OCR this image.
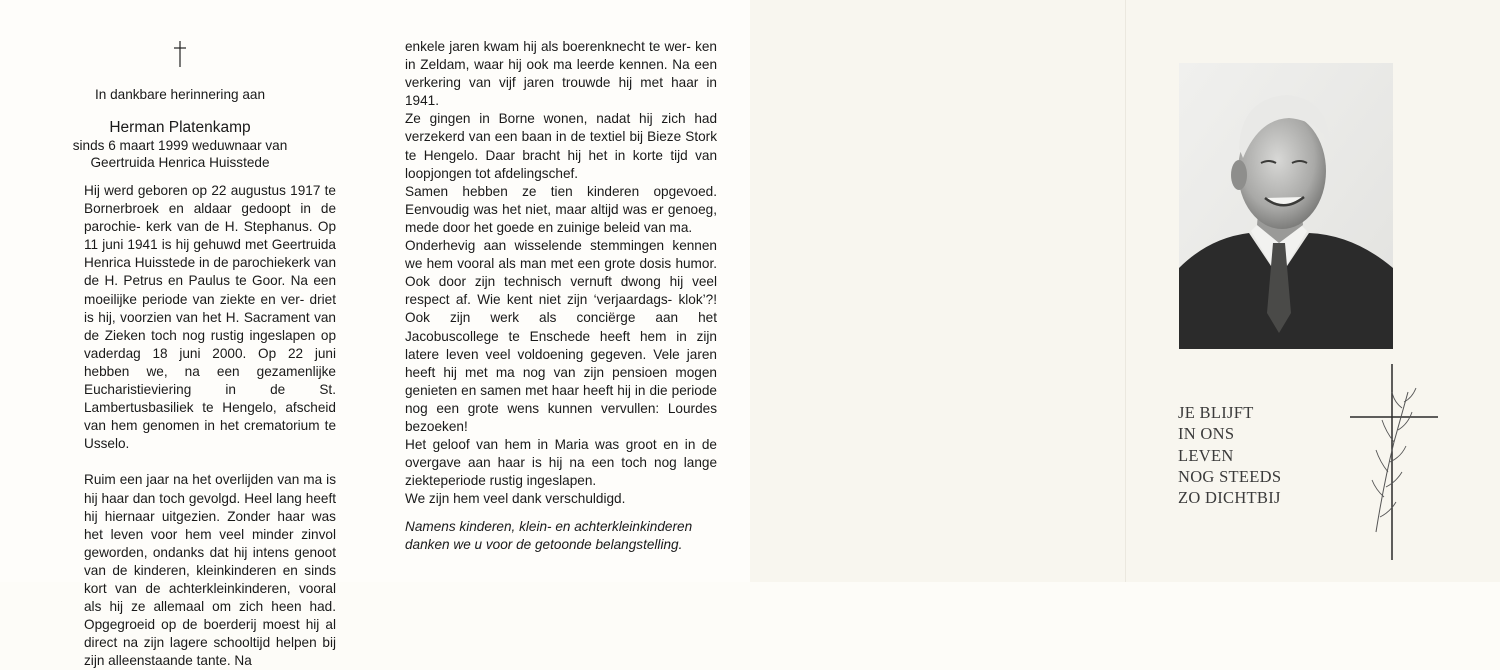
In dankbare herinnering aan
Herman Platenkamp
sinds 6 maart 1999 weduwnaar van
Geertruida Henrica Huisstede

Hij werd geboren op 22 augustus 1917 te Bornerbroek en aldaar gedoopt in de parochie- kerk van de H. Stephanus. Op 11 juni 1941 is hij gehuwd met Geertruida Henrica Huisstede in de parochiekerk van de H. Petrus en Paulus te Goor. Na een moeilijke periode van ziekte en ver- driet is hij, voorzien van het H. Sacrament van de Zieken toch nog rustig ingeslapen op vaderdag 18 juni 2000. Op 22 juni hebben we, na een gezamenlijke Eucharistieviering in de St. Lambertusbasiliek te Hengelo, afscheid van hem genomen in het crematorium te Usselo.

Ruim een jaar na het overlijden van ma is hij haar dan toch gevolgd. Heel lang heeft hij hiernaar uitgezien. Zonder haar was het leven voor hem veel minder zinvol geworden, ondanks dat hij intens genoot van de kinderen, kleinkinderen en sinds kort van de achterkleinkinderen, vooral als hij ze allemaal om zich heen had. Opgegroeid op de boerderij moest hij al direct na zijn lagere schooltijd helpen bij zijn alleenstaande tante. Na

enkele jaren kwam hij als boerenknecht te wer- ken in Zeldam, waar hij ook ma leerde kennen. Na een verkering van vijf jaren trouwde hij met haar in 1941.

Ze gingen in Borne wonen, nadat hij zich had verzekerd van een baan in de textiel bij Bieze Stork te Hengelo. Daar bracht hij het in korte tijd van loopjongen tot afdelingschef.

Samen hebben ze tien kinderen opgevoed. Eenvoudig was het niet, maar altijd was er genoeg, mede door het goede en zuinige beleid van ma.

Onderhevig aan wisselende stemmingen kennen we hem vooral als man met een grote dosis humor. Ook door zijn technisch vernuft dwong hij veel respect af. Wie kent niet zijn ‘verjaardags- klok’?! Ook zijn werk als conciërge aan het Jacobuscollege te Enschede heeft hem in zijn latere leven veel voldoening gegeven. Vele jaren heeft hij met ma nog van zijn pensioen mogen genieten en samen met haar heeft hij in die periode nog een grote wens kunnen vervullen: Lourdes bezoeken!

Het geloof van hem in Maria was groot en in de overgave aan haar is hij na een toch nog lange ziekteperiode rustig ingeslapen.

We zijn hem veel dank verschuldigd.

Namens kinderen, klein- en achterkleinkinderen
danken we u voor de getoonde belangstelling.
JE BLIJFT
IN ONS
LEVEN
NOG STEEDS
ZO DICHTBIJ
